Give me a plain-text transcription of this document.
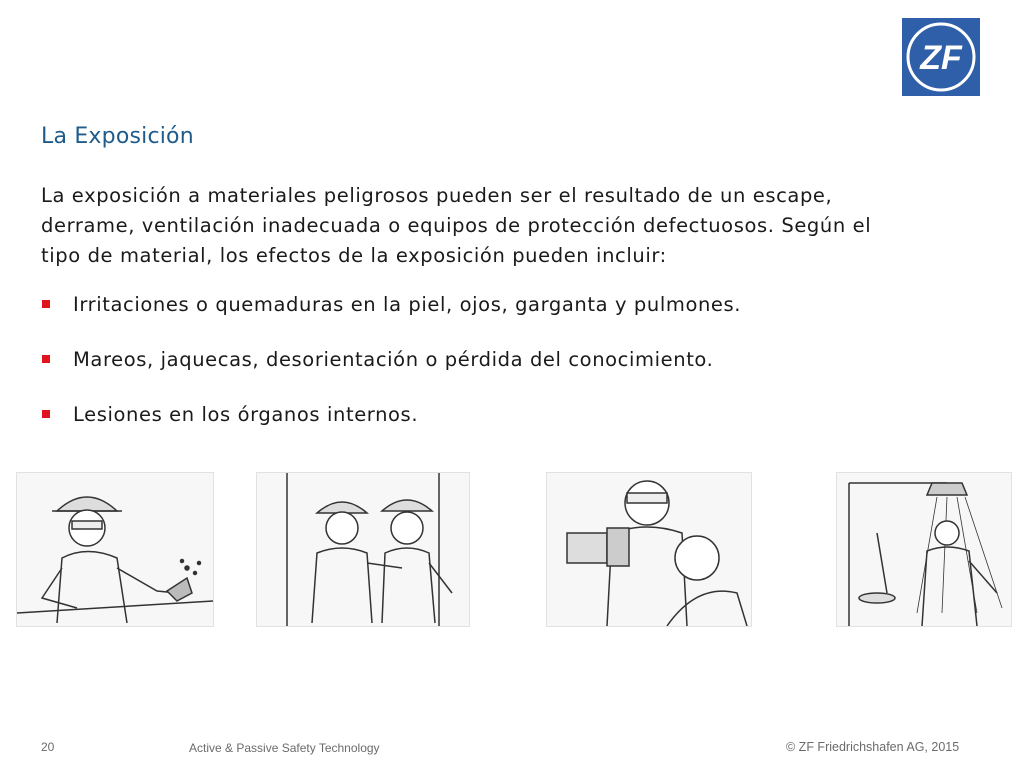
ZF
La Exposición

La exposición a materiales peligrosos pueden ser el resultado de un escape, derrame, ventilación inadecuada o equipos de protección defectuosos. Según el tipo de material, los efectos de la exposición pueden incluir:

Irritaciones o quemaduras en la piel, ojos, garganta y pulmones.
Mareos, jaquecas, desorientación o pérdida del conocimiento.
Lesiones en los órganos internos.
20	Active & Passive Safety Technology	© ZF Friedrichshafen AG, 2015
